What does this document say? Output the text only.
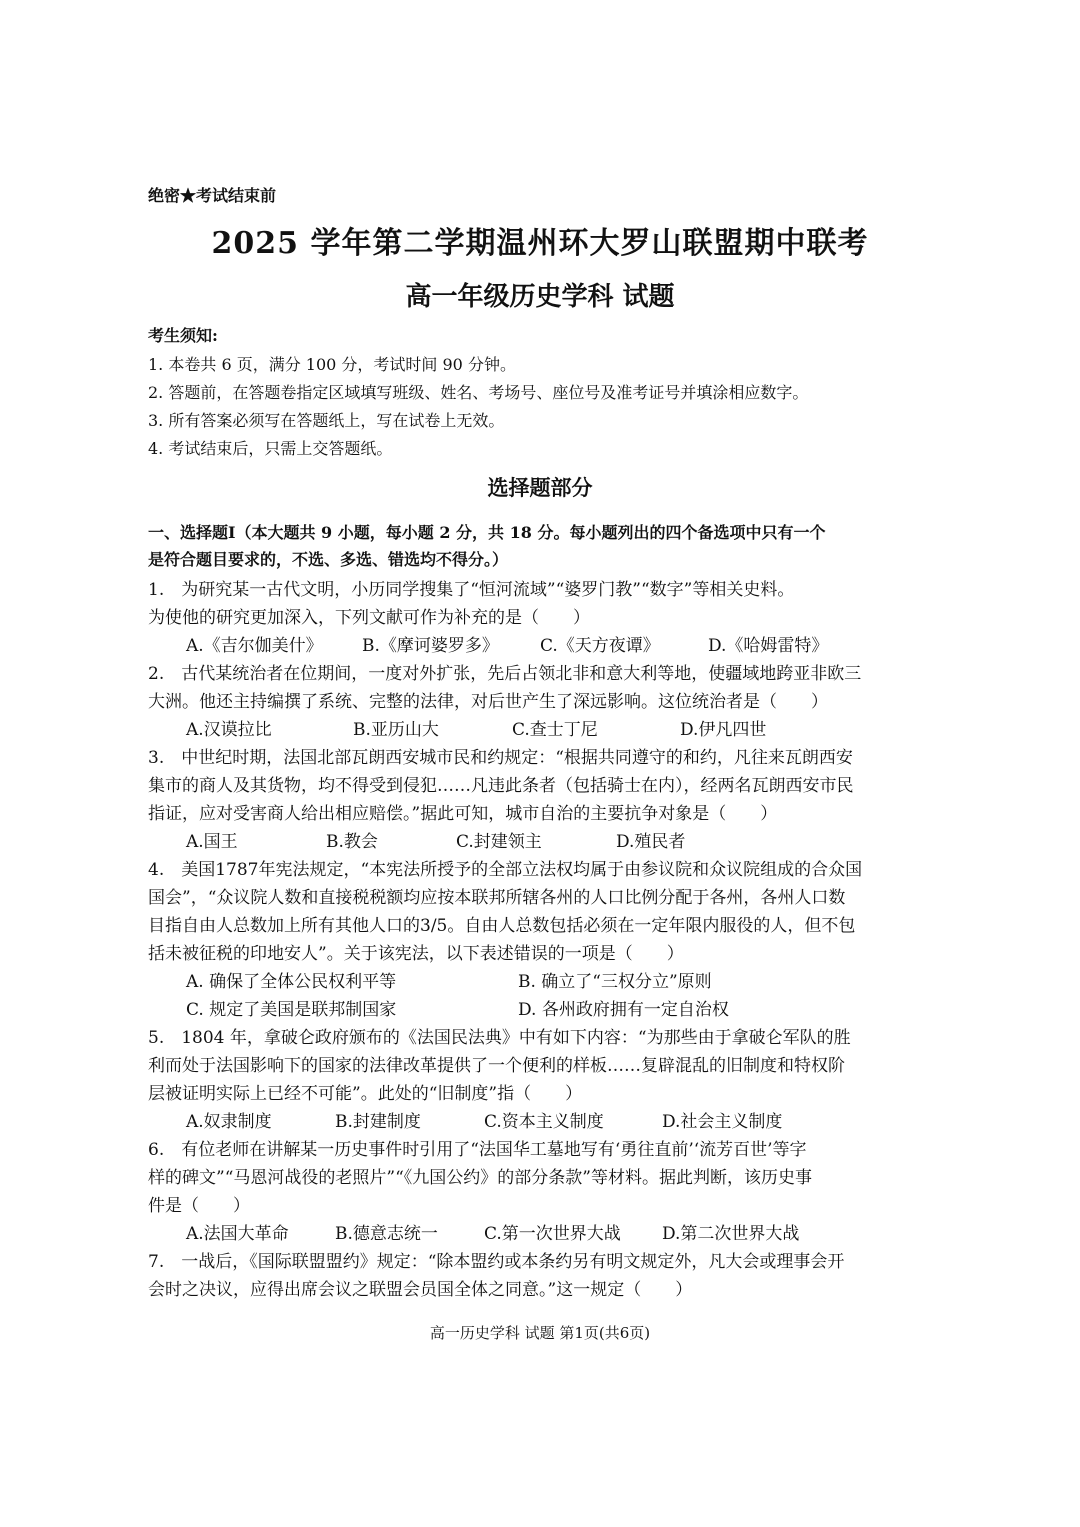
绝密★考试结束前
2025 学年第二学期温州环大罗山联盟期中联考
高一年级历史学科 试题
考生须知:
1. 本卷共 6 页，满分 100 分，考试时间 90 分钟。
2. 答题前，在答题卷指定区域填写班级、姓名、考场号、座位号及准考证号并填涂相应数字。
3. 所有答案必须写在答题纸上，写在试卷上无效。
4. 考试结束后，只需上交答题纸。
选择题部分
一、选择题Ⅰ（本大题共 9 小题，每小题 2 分，共 18 分。每小题列出的四个备选项中只有一个
是符合题目要求的，不选、多选、错选均不得分。）
1.　为研究某一古代文明，小历同学搜集了“恒河流域”“婆罗门教”“数字”等相关史料。
为使他的研究更加深入，下列文献可作为补充的是（　　）
A.《吉尔伽美什》 B.《摩诃婆罗多》 C.《天方夜谭》	D.《哈姆雷特》
2.　古代某统治者在位期间，一度对外扩张，先后占领北非和意大利等地，使疆域地跨亚非欧三
大洲。他还主持编撰了系统、完整的法律，对后世产生了深远影响。这位统治者是（　　）
A.汉谟拉比	B.亚历山大	C.查士丁尼	D.伊凡四世
3.　中世纪时期，法国北部瓦朗西安城市民和约规定：“根据共同遵守的和约，凡往来瓦朗西安
集市的商人及其货物，均不得受到侵犯……凡违此条者（包括骑士在内），经两名瓦朗西安市民
指证，应对受害商人给出相应赔偿。”据此可知，城市自治的主要抗争对象是（　　）
A.国王	B.教会	C.封建领主	D.殖民者
4.　美国1787年宪法规定，“本宪法所授予的全部立法权均属于由参议院和众议院组成的合众国
国会”，“众议院人数和直接税税额均应按本联邦所辖各州的人口比例分配于各州，各州人口数
目指自由人总数加上所有其他人口的3/5。自由人总数包括必须在一定年限内服役的人，但不包
括未被征税的印地安人”。关于该宪法，以下表述错误的一项是（　　）
A. 确保了全体公民权利平等	B. 确立了“三权分立”原则
C. 规定了美国是联邦制国家	D. 各州政府拥有一定自治权
5.　1804 年，拿破仑政府颁布的《法国民法典》中有如下内容：“为那些由于拿破仑军队的胜
利而处于法国影响下的国家的法律改革提供了一个便利的样板……复辟混乱的旧制度和特权阶
层被证明实际上已经不可能”。此处的“旧制度”指（　　）
A.奴隶制度	B.封建制度	C.资本主义制度	D.社会主义制度
6.　有位老师在讲解某一历史事件时引用了“法国华工墓地写有‘勇往直前’‘流芳百世’等字
样的碑文”“马恩河战役的老照片”“《九国公约》的部分条款”等材料。据此判断，该历史事
件是（　　）
A.法国大革命	B.德意志统一	C.第一次世界大战 D.第二次世界大战
7.　一战后，《国际联盟盟约》规定：“除本盟约或本条约另有明文规定外，凡大会或理事会开
会时之决议，应得出席会议之联盟会员国全体之同意。”这一规定（　　）
高一历史学科 试题 第1页(共6页)
